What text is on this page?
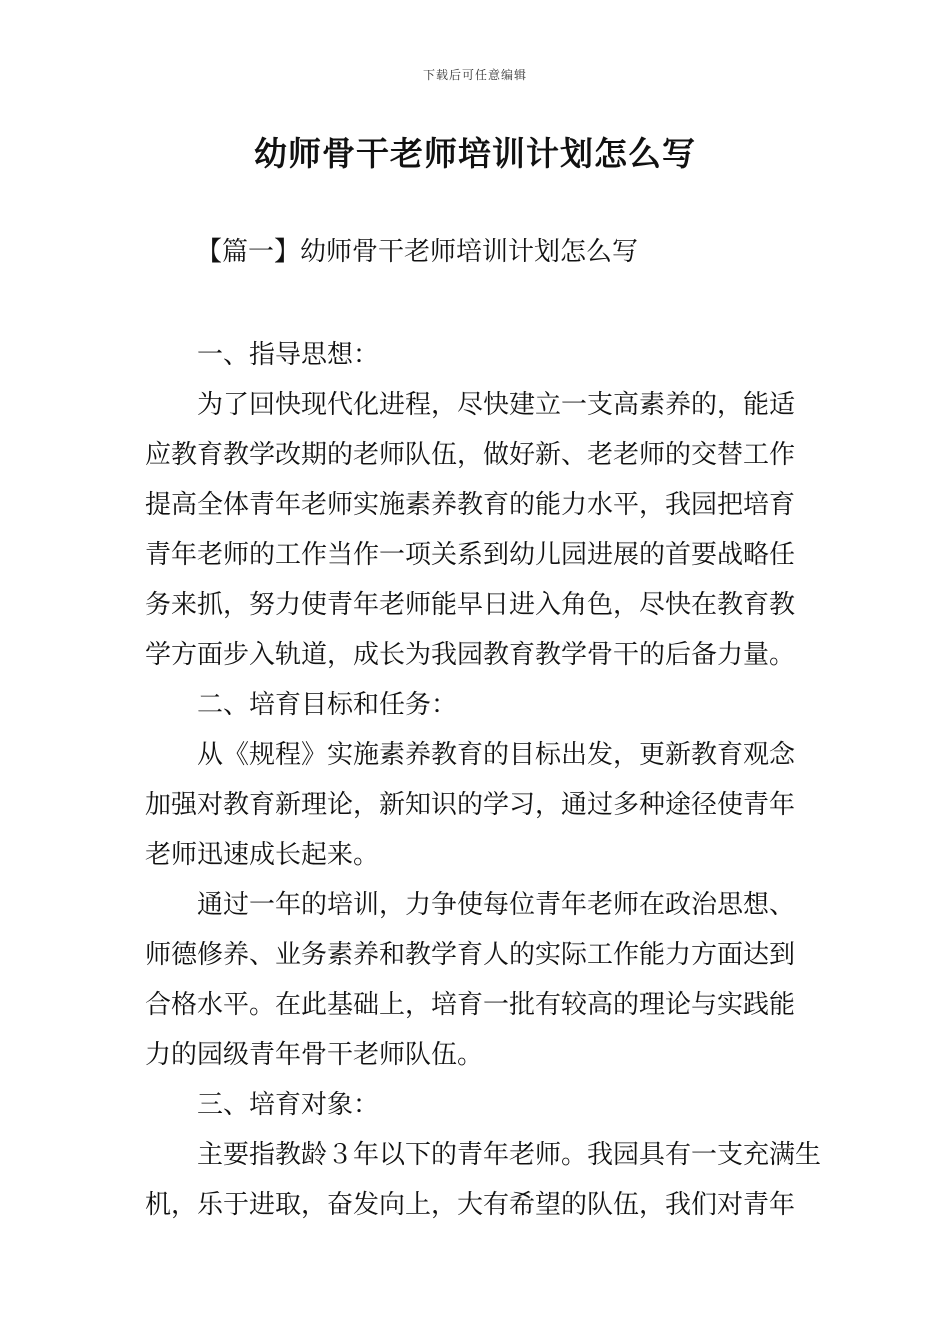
下载后可任意编辑
幼师骨干老师培训计划怎么写
【篇一】幼师骨干老师培训计划怎么写
一、指导思想：
为了回快现代化进程，尽快建立一支高素养的，能适
应教育教学改期的老师队伍，做好新、老老师的交替工作
提高全体青年老师实施素养教育的能力水平，我园把培育
青年老师的工作当作一项关系到幼儿园进展的首要战略任
务来抓，努力使青年老师能早日进入角色，尽快在教育教
学方面步入轨道，成长为我园教育教学骨干的后备力量。
二、培育目标和任务：
从《规程》实施素养教育的目标出发，更新教育观念
加强对教育新理论，新知识的学习，通过多种途径使青年
老师迅速成长起来。
通过一年的培训，力争使每位青年老师在政治思想、
师德修养、业务素养和教学育人的实际工作能力方面达到
合格水平。在此基础上，培育一批有较高的理论与实践能
力的园级青年骨干老师队伍。
三、培育对象：
主要指教龄３年以下的青年老师。我园具有一支充满生
机，乐于进取，奋发向上，大有希望的队伍，我们对青年
